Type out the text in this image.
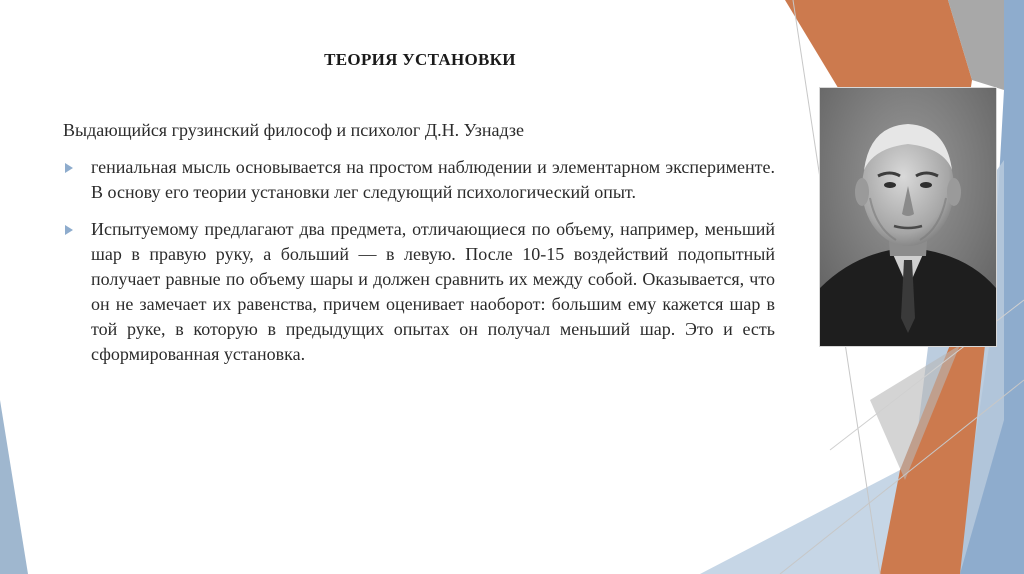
ТЕОРИЯ УСТАНОВКИ
Выдающийся грузинский философ и психолог Д.Н. Узнадзе
гениальная мысль основывается на простом наблюдении и элементарном эксперименте. В основу его теории установки лег следующий психологический опыт.
Испытуемому предлагают два предмета, отличающиеся по объему, например, меньший шар в правую руку, а больший — в левую. После 10-15 воздействий подопытный получает равные по объему шары и должен сравнить их между собой. Оказывается, что он не замечает их равенства, причем оценивает наоборот: большим ему кажется шар в той руке, в которую в предыдущих опытах он получал меньший шар. Это и есть сформированная установка.
